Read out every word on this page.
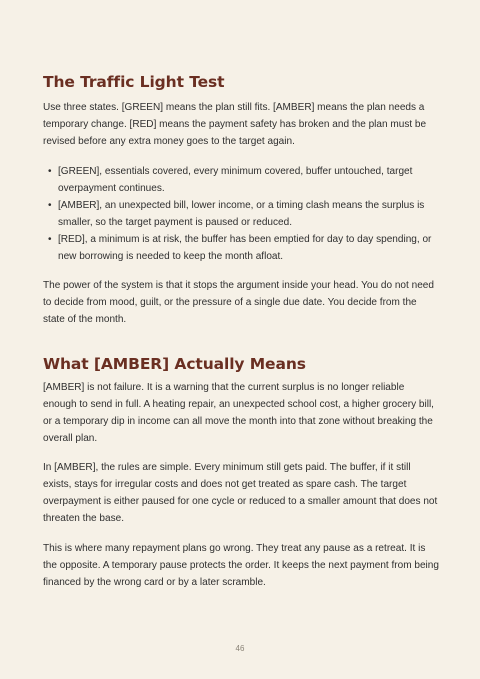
The Traffic Light Test

Use three states. [GREEN] means the plan still fits. [AMBER] means the plan needs a temporary change. [RED] means the payment safety has broken and the plan must be revised before any extra money goes to the target again.

• [GREEN], essentials covered, every minimum covered, buffer untouched, target overpayment continues.
• [AMBER], an unexpected bill, lower income, or a timing clash means the surplus is smaller, so the target payment is paused or reduced.
• [RED], a minimum is at risk, the buffer has been emptied for day to day spending, or new borrowing is needed to keep the month afloat.

The power of the system is that it stops the argument inside your head. You do not need to decide from mood, guilt, or the pressure of a single due date. You decide from the state of the month.

What [AMBER] Actually Means

[AMBER] is not failure. It is a warning that the current surplus is no longer reliable enough to send in full. A heating repair, an unexpected school cost, a higher grocery bill, or a temporary dip in income can all move the month into that zone without breaking the overall plan.

In [AMBER], the rules are simple. Every minimum still gets paid. The buffer, if it still exists, stays for irregular costs and does not get treated as spare cash. The target overpayment is either paused for one cycle or reduced to a smaller amount that does not threaten the base.

This is where many repayment plans go wrong. They treat any pause as a retreat. It is the opposite. A temporary pause protects the order. It keeps the next payment from being financed by the wrong card or by a later scramble.

46
